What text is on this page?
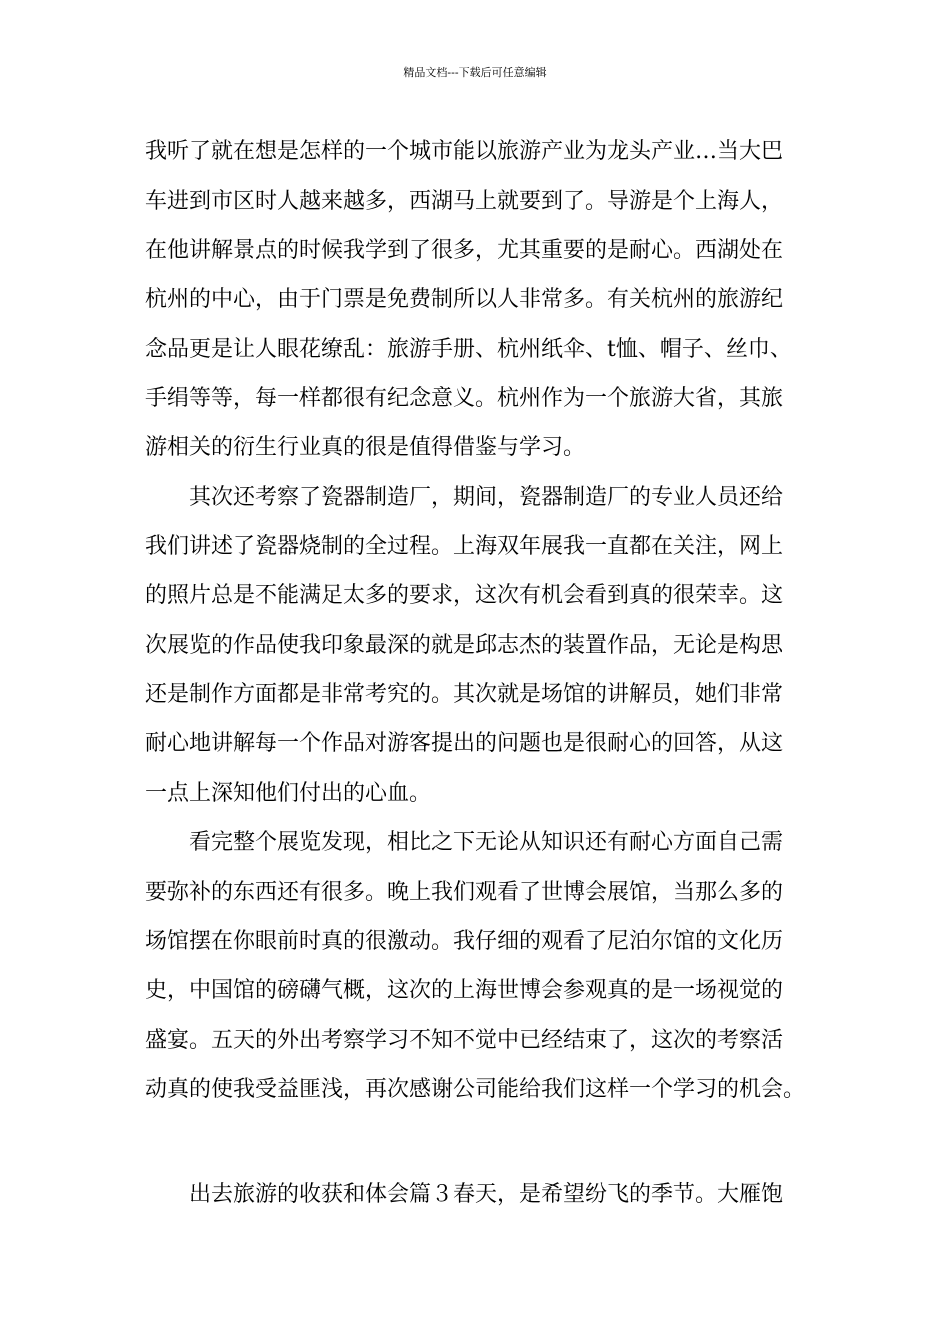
精品文档---下载后可任意编辑
我听了就在想是怎样的一个城市能以旅游产业为龙头产业…当大巴
车进到市区时人越来越多，西湖马上就要到了。导游是个上海人，
在他讲解景点的时候我学到了很多，尤其重要的是耐心。西湖处在
杭州的中心，由于门票是免费制所以人非常多。有关杭州的旅游纪
念品更是让人眼花缭乱：旅游手册、杭州纸伞、t恤、帽子、丝巾、
手绢等等，每一样都很有纪念意义。杭州作为一个旅游大省，其旅
游相关的衍生行业真的很是值得借鉴与学习。
　　其次还考察了瓷器制造厂，期间，瓷器制造厂的专业人员还给
我们讲述了瓷器烧制的全过程。上海双年展我一直都在关注，网上
的照片总是不能满足太多的要求，这次有机会看到真的很荣幸。这
次展览的作品使我印象最深的就是邱志杰的装置作品，无论是构思
还是制作方面都是非常考究的。其次就是场馆的讲解员，她们非常
耐心地讲解每一个作品对游客提出的问题也是很耐心的回答，从这
一点上深知他们付出的心血。
　　看完整个展览发现，相比之下无论从知识还有耐心方面自己需
要弥补的东西还有很多。晚上我们观看了世博会展馆，当那么多的
场馆摆在你眼前时真的很激动。我仔细的观看了尼泊尔馆的文化历
史，中国馆的磅礴气概，这次的上海世博会参观真的是一场视觉的
盛宴。五天的外出考察学习不知不觉中已经结束了，这次的考察活
动真的使我受益匪浅，再次感谢公司能给我们这样一个学习的机会。
　　出去旅游的收获和体会篇３春天，是希望纷飞的季节。大雁饱
